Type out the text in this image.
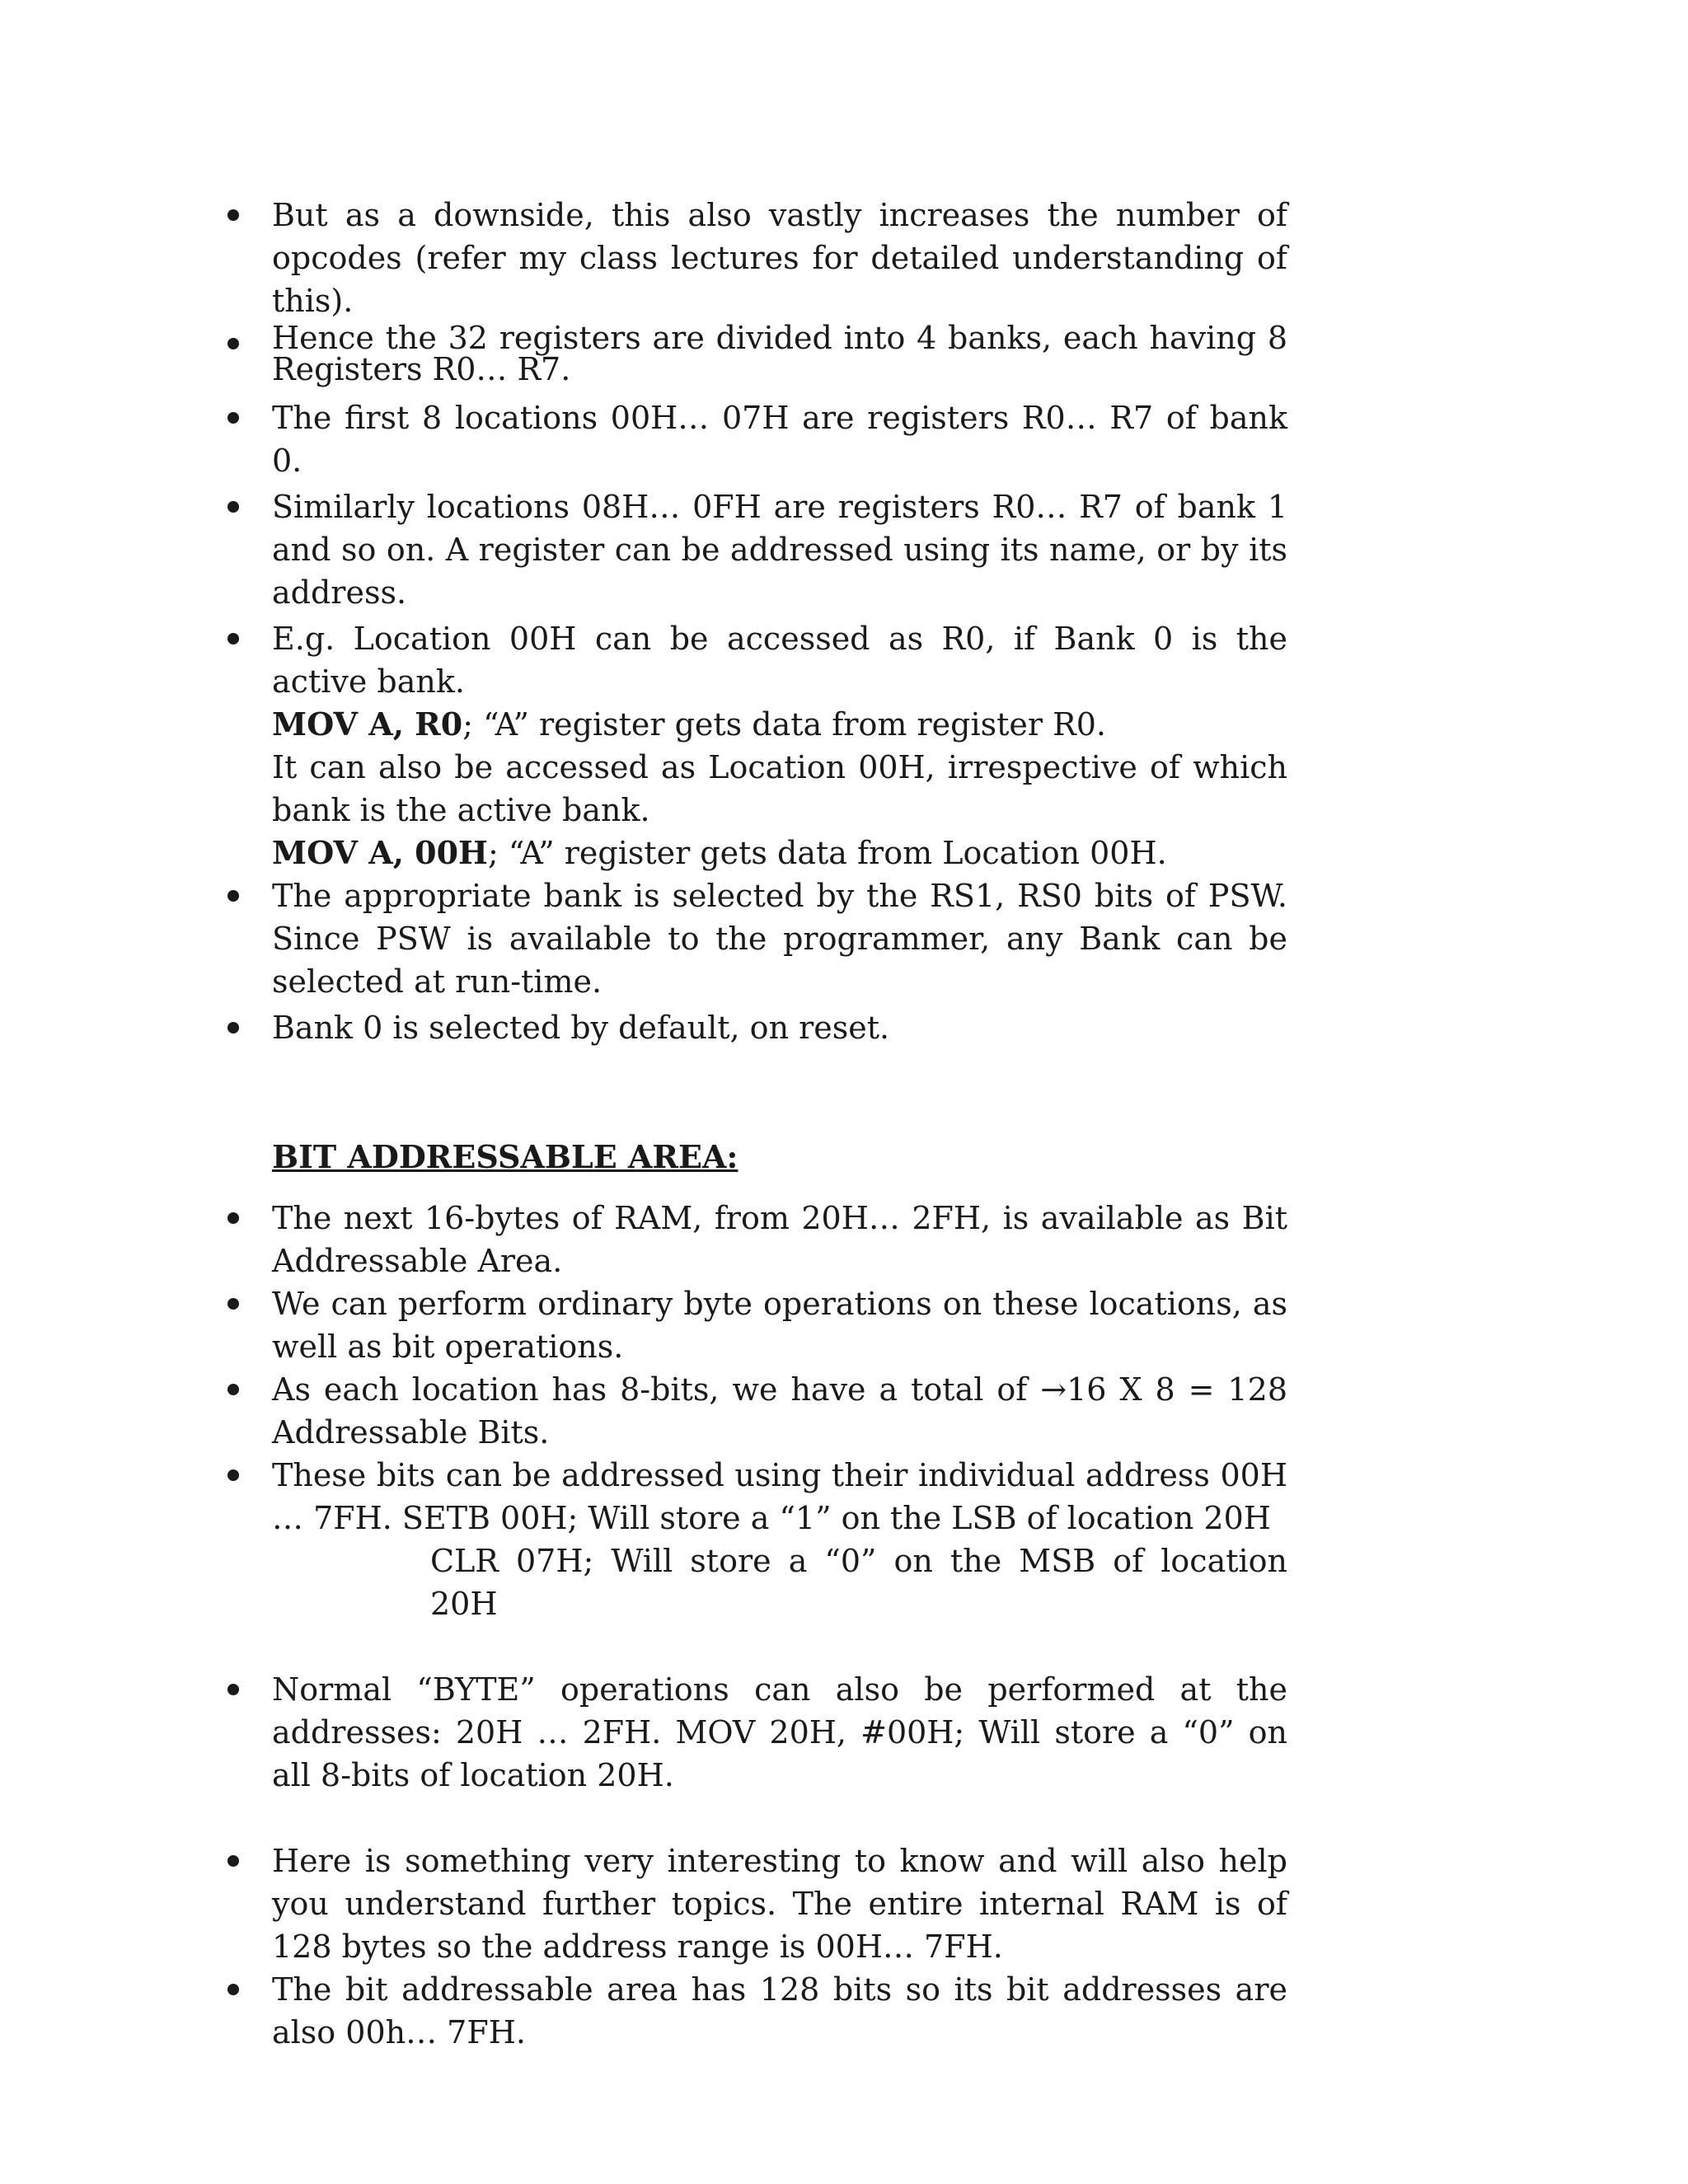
But as a downside, this also vastly increases the number of opcodes (refer my class lectures for detailed understanding of this).
Hence the 32 registers are divided into 4 banks, each having 8 Registers R0… R7.
The first 8 locations 00H… 07H are registers R0… R7 of bank 0.
Similarly locations 08H… 0FH are registers R0… R7 of bank 1 and so on. A register can be addressed using its name, or by its address.
E.g. Location 00H can be accessed as R0, if Bank 0 is the active bank.
MOV A, R0; “A” register gets data from register R0.
It can also be accessed as Location 00H, irrespective of which bank is the active bank.
MOV A, 00H; “A” register gets data from Location 00H.
The appropriate bank is selected by the RS1, RS0 bits of PSW. Since PSW is available to the programmer, any Bank can be selected at run-time.
Bank 0 is selected by default, on reset.
BIT ADDRESSABLE AREA:
The next 16-bytes of RAM, from 20H… 2FH, is available as Bit Addressable Area.
We can perform ordinary byte operations on these locations, as well as bit operations.
As each location has 8-bits, we have a total of →16 X 8 = 128 Addressable Bits.
These bits can be addressed using their individual address 00H … 7FH. SETB 00H; Will store a “1” on the LSB of location 20H
CLR 07H; Will store a “0” on the MSB of location 20H
Normal “BYTE” operations can also be performed at the addresses: 20H … 2FH. MOV 20H, #00H; Will store a “0” on all 8-bits of location 20H.
Here is something very interesting to know and will also help you understand further topics. The entire internal RAM is of 128 bytes so the address range is 00H… 7FH.
The bit addressable area has 128 bits so its bit addresses are also 00h… 7FH.
